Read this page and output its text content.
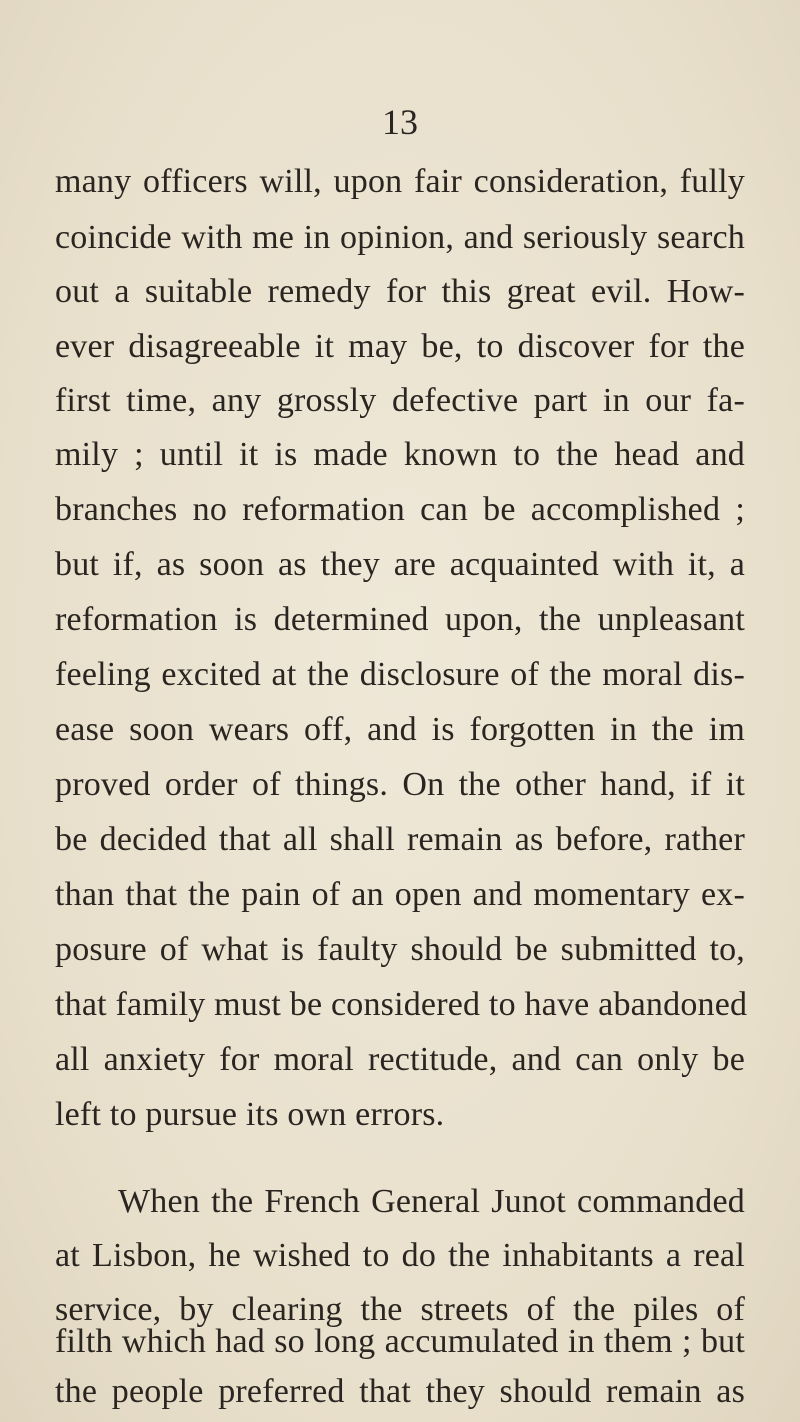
13
many officers will, upon fair consideration, fully
coincide with me in opinion, and seriously search
out a suitable remedy for this great evil. How-
ever disagreeable it may be, to discover for the
first time, any grossly defective part in our fa-
mily ; until it is made known to the head and
branches no reformation can be accomplished ;
but if, as soon as they are acquainted with it, a
reformation is determined upon, the unpleasant
feeling excited at the disclosure of the moral dis-
ease soon wears off, and is forgotten in the im
proved order of things. On the other hand, if it
be decided that all shall remain as before, rather
than that the pain of an open and momentary ex-
posure of what is faulty should be submitted to,
that family must be considered to have abandoned
all anxiety for moral rectitude, and can only be
left to pursue its own errors.
When the French General Junot commanded
at Lisbon, he wished to do the inhabitants a real
service, by clearing the streets of the piles of
filth which had so long accumulated in them ; but
the people preferred that they should remain as
